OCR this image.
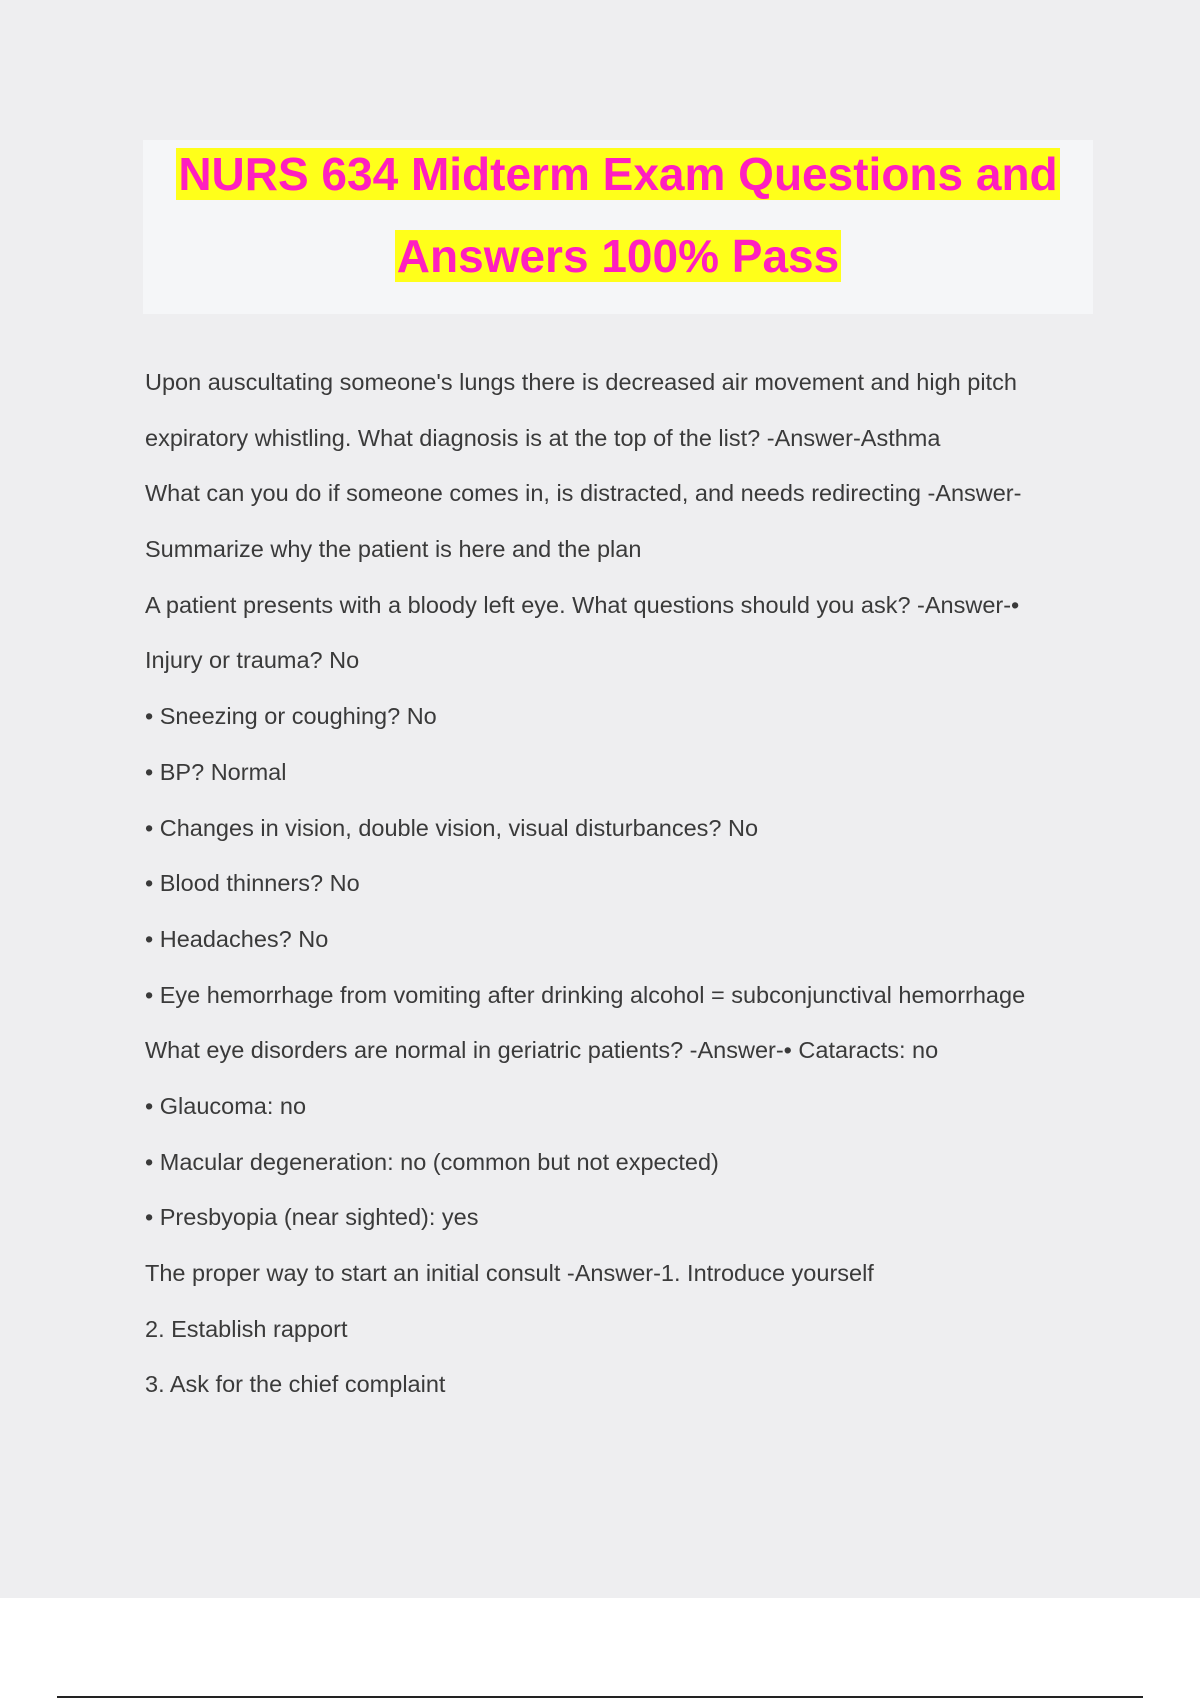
NURS 634 Midterm Exam Questions and
Answers 100% Pass
Upon auscultating someone's lungs there is decreased air movement and high pitch
expiratory whistling. What diagnosis is at the top of the list? -Answer-Asthma
What can you do if someone comes in, is distracted, and needs redirecting -Answer-
Summarize why the patient is here and the plan
A patient presents with a bloody left eye. What questions should you ask? -Answer-•
Injury or trauma? No
• Sneezing or coughing? No
• BP? Normal
• Changes in vision, double vision, visual disturbances? No
• Blood thinners? No
• Headaches? No
• Eye hemorrhage from vomiting after drinking alcohol = subconjunctival hemorrhage
What eye disorders are normal in geriatric patients? -Answer-• Cataracts: no
• Glaucoma: no
• Macular degeneration: no (common but not expected)
• Presbyopia (near sighted): yes
The proper way to start an initial consult -Answer-1. Introduce yourself
2. Establish rapport
3. Ask for the chief complaint
